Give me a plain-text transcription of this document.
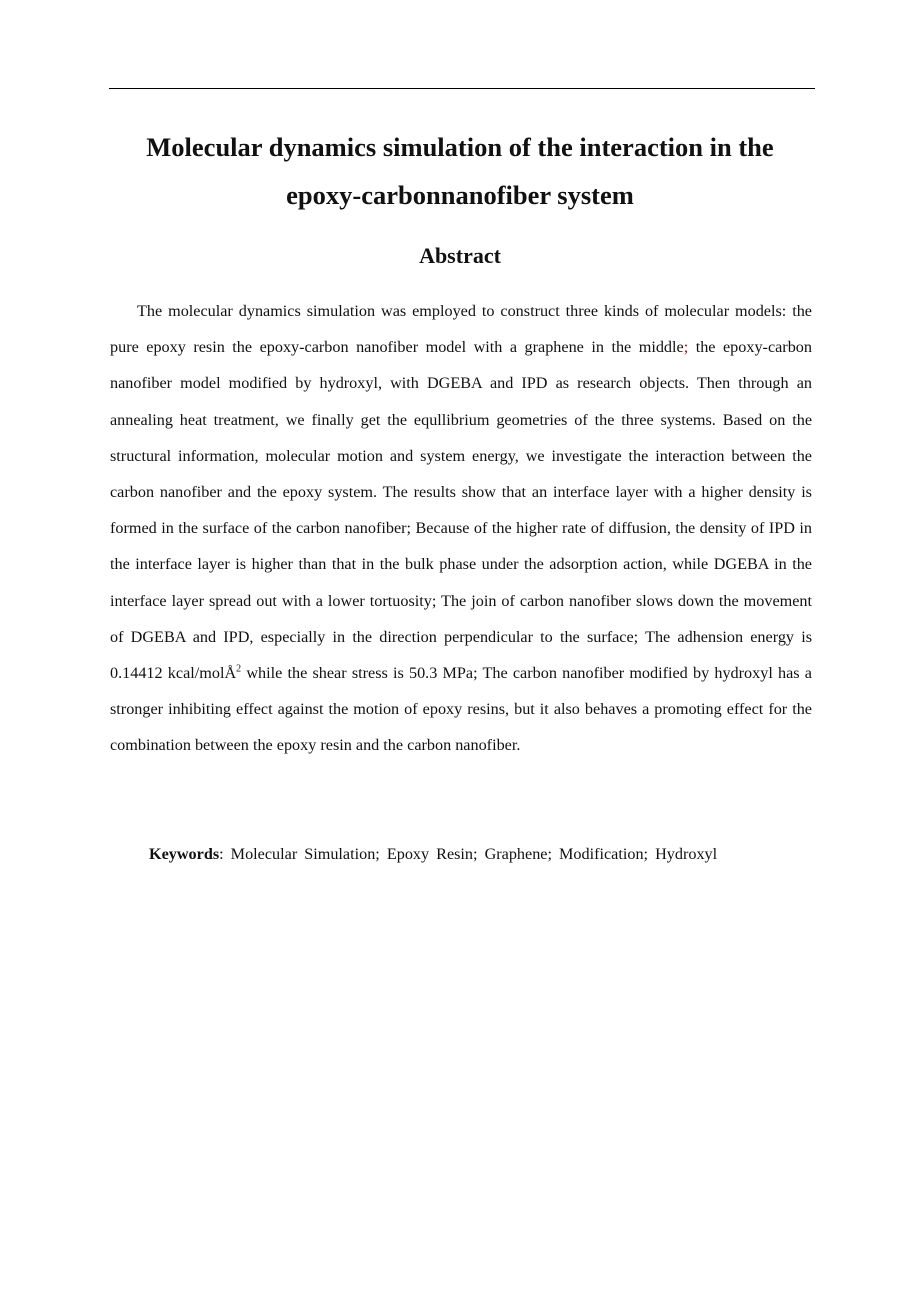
Molecular dynamics simulation of the interaction in the
epoxy-carbonnanofiber system
Abstract

The molecular dynamics simulation was employed to construct three kinds of molecular models: the pure epoxy resin the epoxy-carbon nanofiber model with a graphene in the middle; the epoxy-carbon nanofiber model modified by hydroxyl, with DGEBA and IPD as research objects. Then through an annealing heat treatment, we finally get the equllibrium geometries of the three systems. Based on the structural information, molecular motion and system energy, we investigate the interaction between the carbon nanofiber and the epoxy system. The results show that an interface layer with a higher density is formed in the surface of the carbon nanofiber; Because of the higher rate of diffusion, the density of IPD in the interface layer is higher than that in the bulk phase under the adsorption action, while DGEBA in the interface layer spread out with a lower tortuosity; The join of carbon nanofiber slows down the movement of DGEBA and IPD, especially in the direction perpendicular to the surface; The adhension energy is 0.14412 kcal/molÅ$^2$ while the shear stress is 50.3 MPa; The carbon nanofiber modified by hydroxyl has a stronger inhibiting effect against the motion of epoxy resins, but it also behaves a promoting effect for the combination between the epoxy resin and the carbon nanofiber.

Keywords: Molecular Simulation; Epoxy Resin; Graphene; Modification; Hydroxyl
